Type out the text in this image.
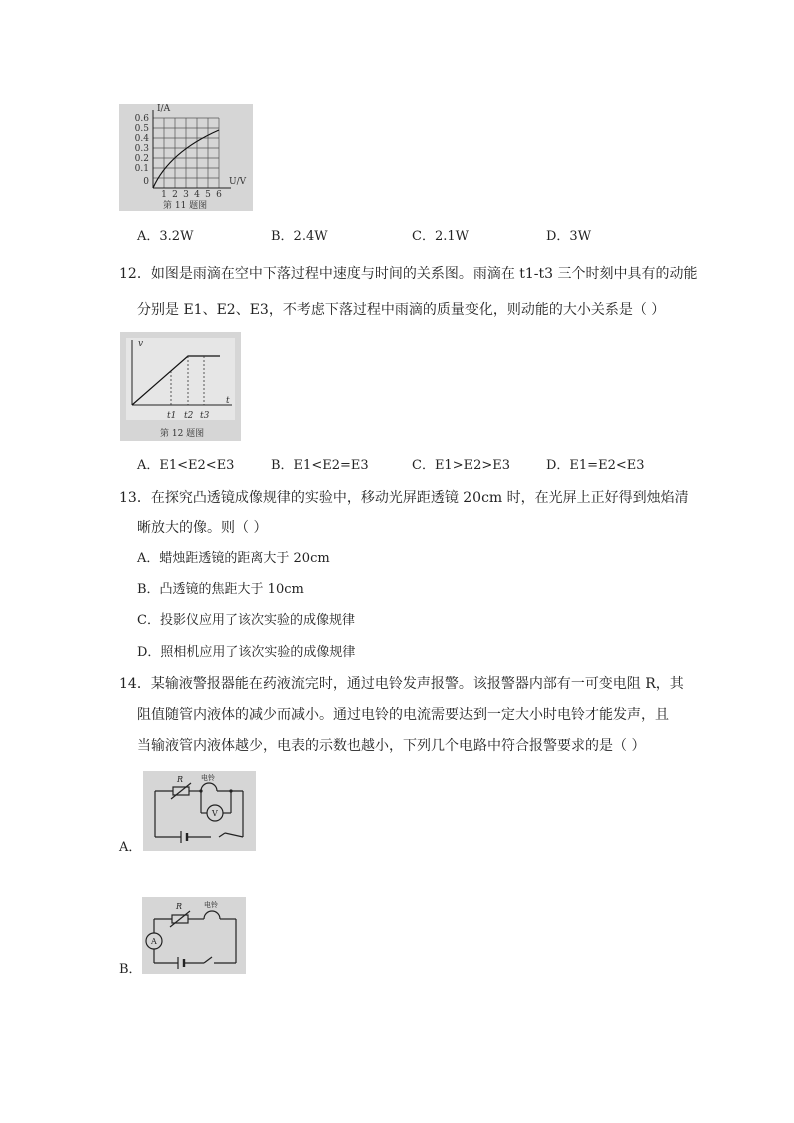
I/A
U/V
0.6
0.5
0.4
0.3
0.2
0.1
0
1 2 3 4 5 6
第 11 题图
A．3.2W	B．2.4W	C．2.1W	D．3W
12．如图是雨滴在空中下落过程中速度与时间的关系图。雨滴在 t1-t3 三个时刻中具有的动能
分别是 E1、E2、E3，不考虑下落过程中雨滴的质量变化，则动能的大小关系是（ ）
v
t
t1 t2 t3
第 12 题图
A．E1<E2<E3	B．E1<E2=E3	C．E1>E2>E3	D．E1=E2<E3
13．在探究凸透镜成像规律的实验中，移动光屏距透镜 20cm 时，在光屏上正好得到烛焰清
晰放大的像。则（ ）
A．蜡烛距透镜的距离大于 20cm
B．凸透镜的焦距大于 10cm
C．投影仪应用了该次实验的成像规律
D．照相机应用了该次实验的成像规律
14．某输液警报器能在药液流完时，通过电铃发声报警。该报警器内部有一可变电阻 R，其
阻值随管内液体的减少而减小。通过电铃的电流需要达到一定大小时电铃才能发声，且
当输液管内液体越少，电表的示数也越小，下列几个电路中符合报警要求的是（ ）
A．
R	电铃
V
B．
R	电铃
A
